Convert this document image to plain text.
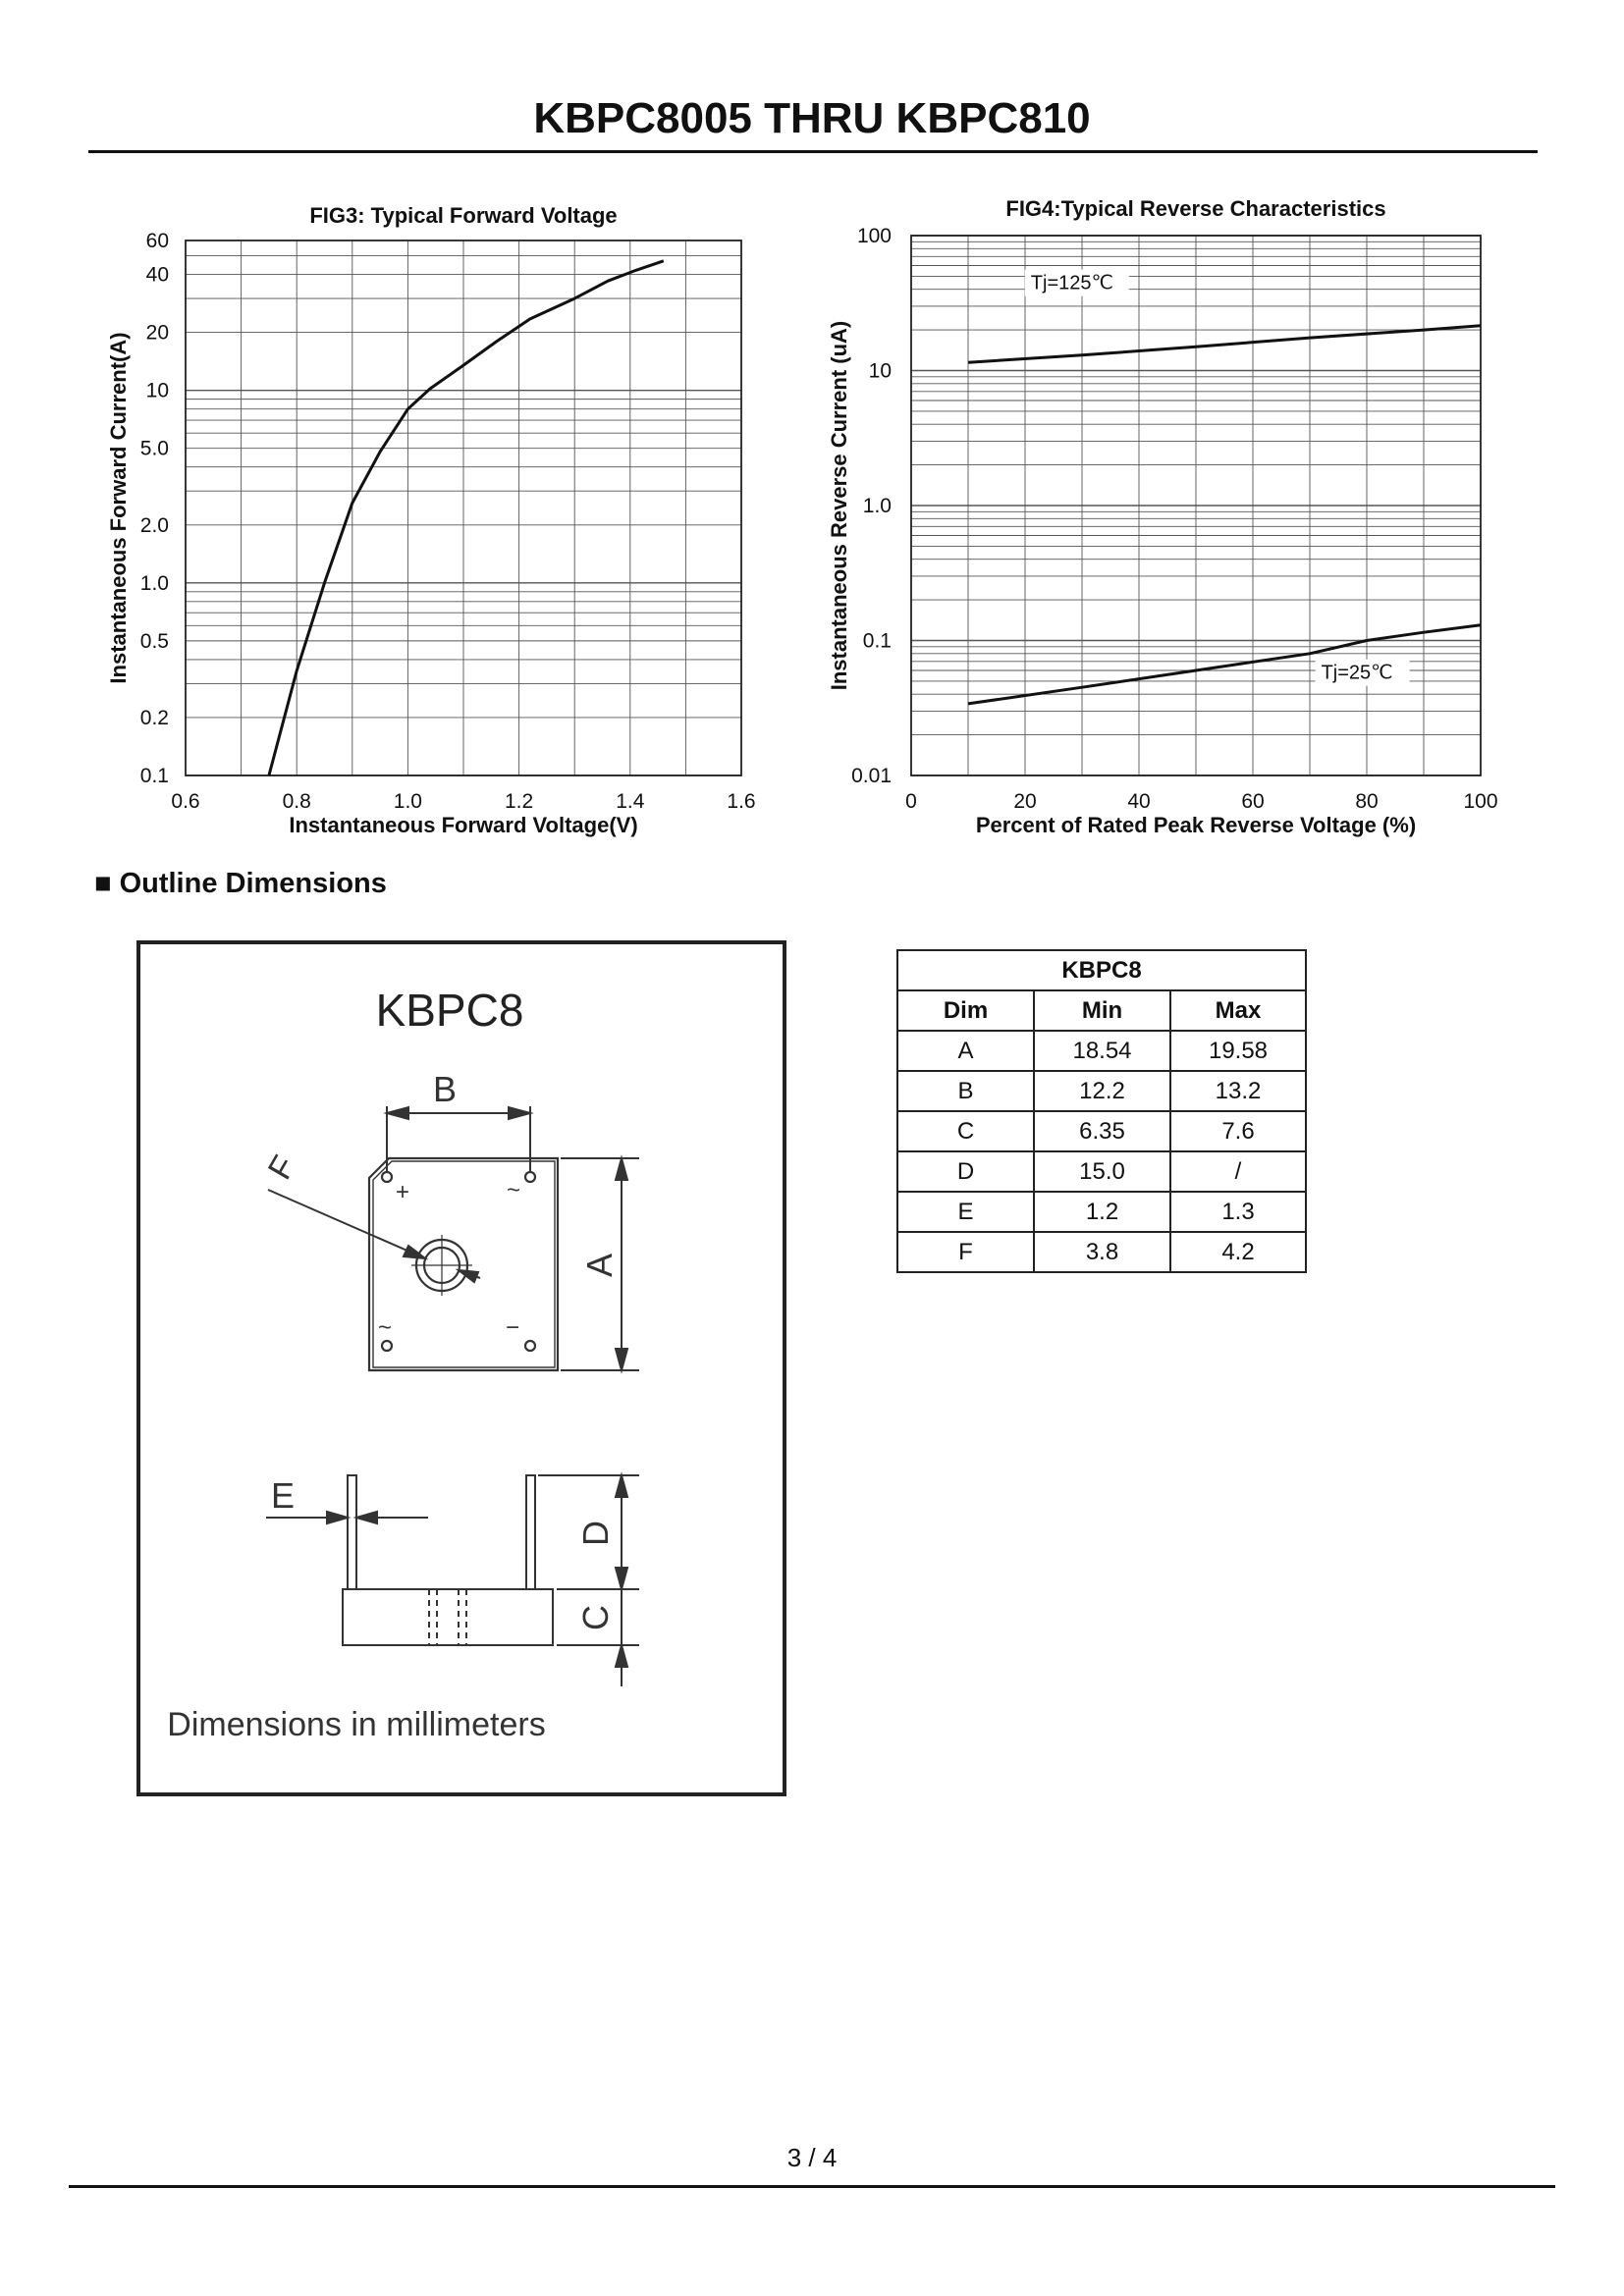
KBPC8005 THRU KBPC810
FIG3: Typical Forward Voltage
Instantaneous Forward Voltage(V)
Instantaneous Forward Current(A)
0.6	0.8	1.0	1.2	1.4	1.6
0.1
0.2
0.5
1.0
2.0
5.0
10
20
40
60
FIG4:Typical Reverse Characteristics
Percent of Rated Peak Reverse Voltage (%)
Instantaneous Reverse Current (uA)
0	20	40	60	80	100
0.01
0.1
1.0
10
100
Tj=125℃
Tj=25℃
■ Outline Dimensions
KBPC8
+	~
~	−
B
A
F
E
D
C
Dimensions in millimeters
KBPC8		
Dim	Min	Max
A	18.54	19.58
B	12.2	13.2
C	6.35	7.6
D	15.0	/
E	1.2	1.3
F	3.8	4.2
3 / 4
